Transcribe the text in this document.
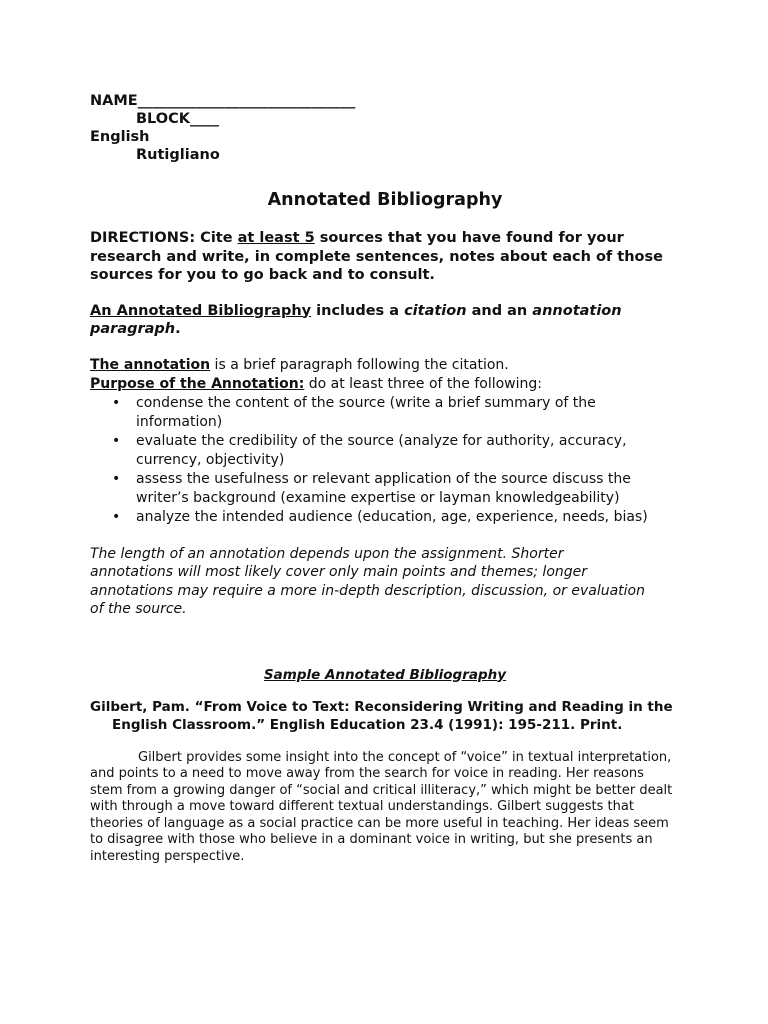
NAME______________________________
BLOCK____
English
Rutigliano
Annotated Bibliography
DIRECTIONS: Cite at least 5 sources that you have found for your research and write, in complete sentences, notes about each of those sources for you to go back and to consult.
An Annotated Bibliography includes a citation and an annotation paragraph.
The annotation is a brief paragraph following the citation.
Purpose of the Annotation: do at least three of the following:
• condense the content of the source (write a brief summary of the information)
• evaluate the credibility of the source (analyze for authority, accuracy, currency, objectivity)
• assess the usefulness or relevant application of the source discuss the writer’s background (examine expertise or layman knowledgeability)
• analyze the intended audience (education, age, experience, needs, bias)
The length of an annotation depends upon the assignment. Shorter annotations will most likely cover only main points and themes; longer annotations may require a more in-depth description, discussion, or evaluation of the source.
Sample Annotated Bibliography
Gilbert, Pam. “From Voice to Text: Reconsidering Writing and Reading in the English Classroom.” English Education 23.4 (1991): 195-211. Print.
Gilbert provides some insight into the concept of “voice” in textual interpretation, and points to a need to move away from the search for voice in reading. Her reasons stem from a growing danger of “social and critical illiteracy,” which might be better dealt with through a move toward different textual understandings. Gilbert suggests that theories of language as a social practice can be more useful in teaching. Her ideas seem to disagree with those who believe in a dominant voice in writing, but she presents an interesting perspective.
